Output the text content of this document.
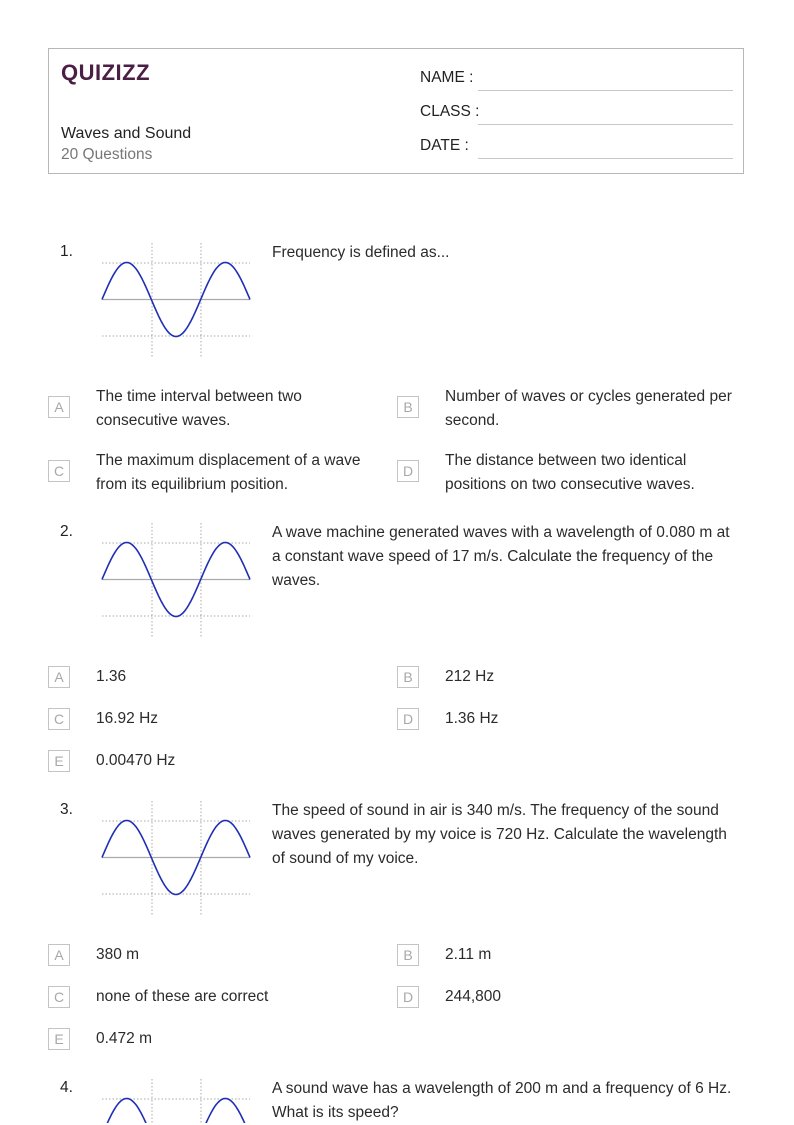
QUIZIZZ
Waves and Sound
20 Questions
NAME :
CLASS :
DATE :
1.	Frequency is defined as...
A
The time interval between two consecutive waves.
B
Number of waves or cycles generated per second.
C
The maximum displacement of a wave from its equilibrium position.
D
The distance between two identical positions on two consecutive waves.
2.	A wave machine generated waves with a wavelength of 0.080 m at a constant wave speed of 17 m/s. Calculate the frequency of the waves.
A	1.36	B	212 Hz
C	16.92 Hz	D	1.36 Hz
E	0.00470 Hz
3.	The speed of sound in air is 340 m/s. The frequency of the sound waves generated by my voice is 720 Hz. Calculate the wavelength of sound of my voice.
A	380 m	B	2.11 m
C	none of these are correct	D	244,800
E	0.472 m
4.	A sound wave has a wavelength of 200 m and a frequency of 6 Hz. What is its speed?
